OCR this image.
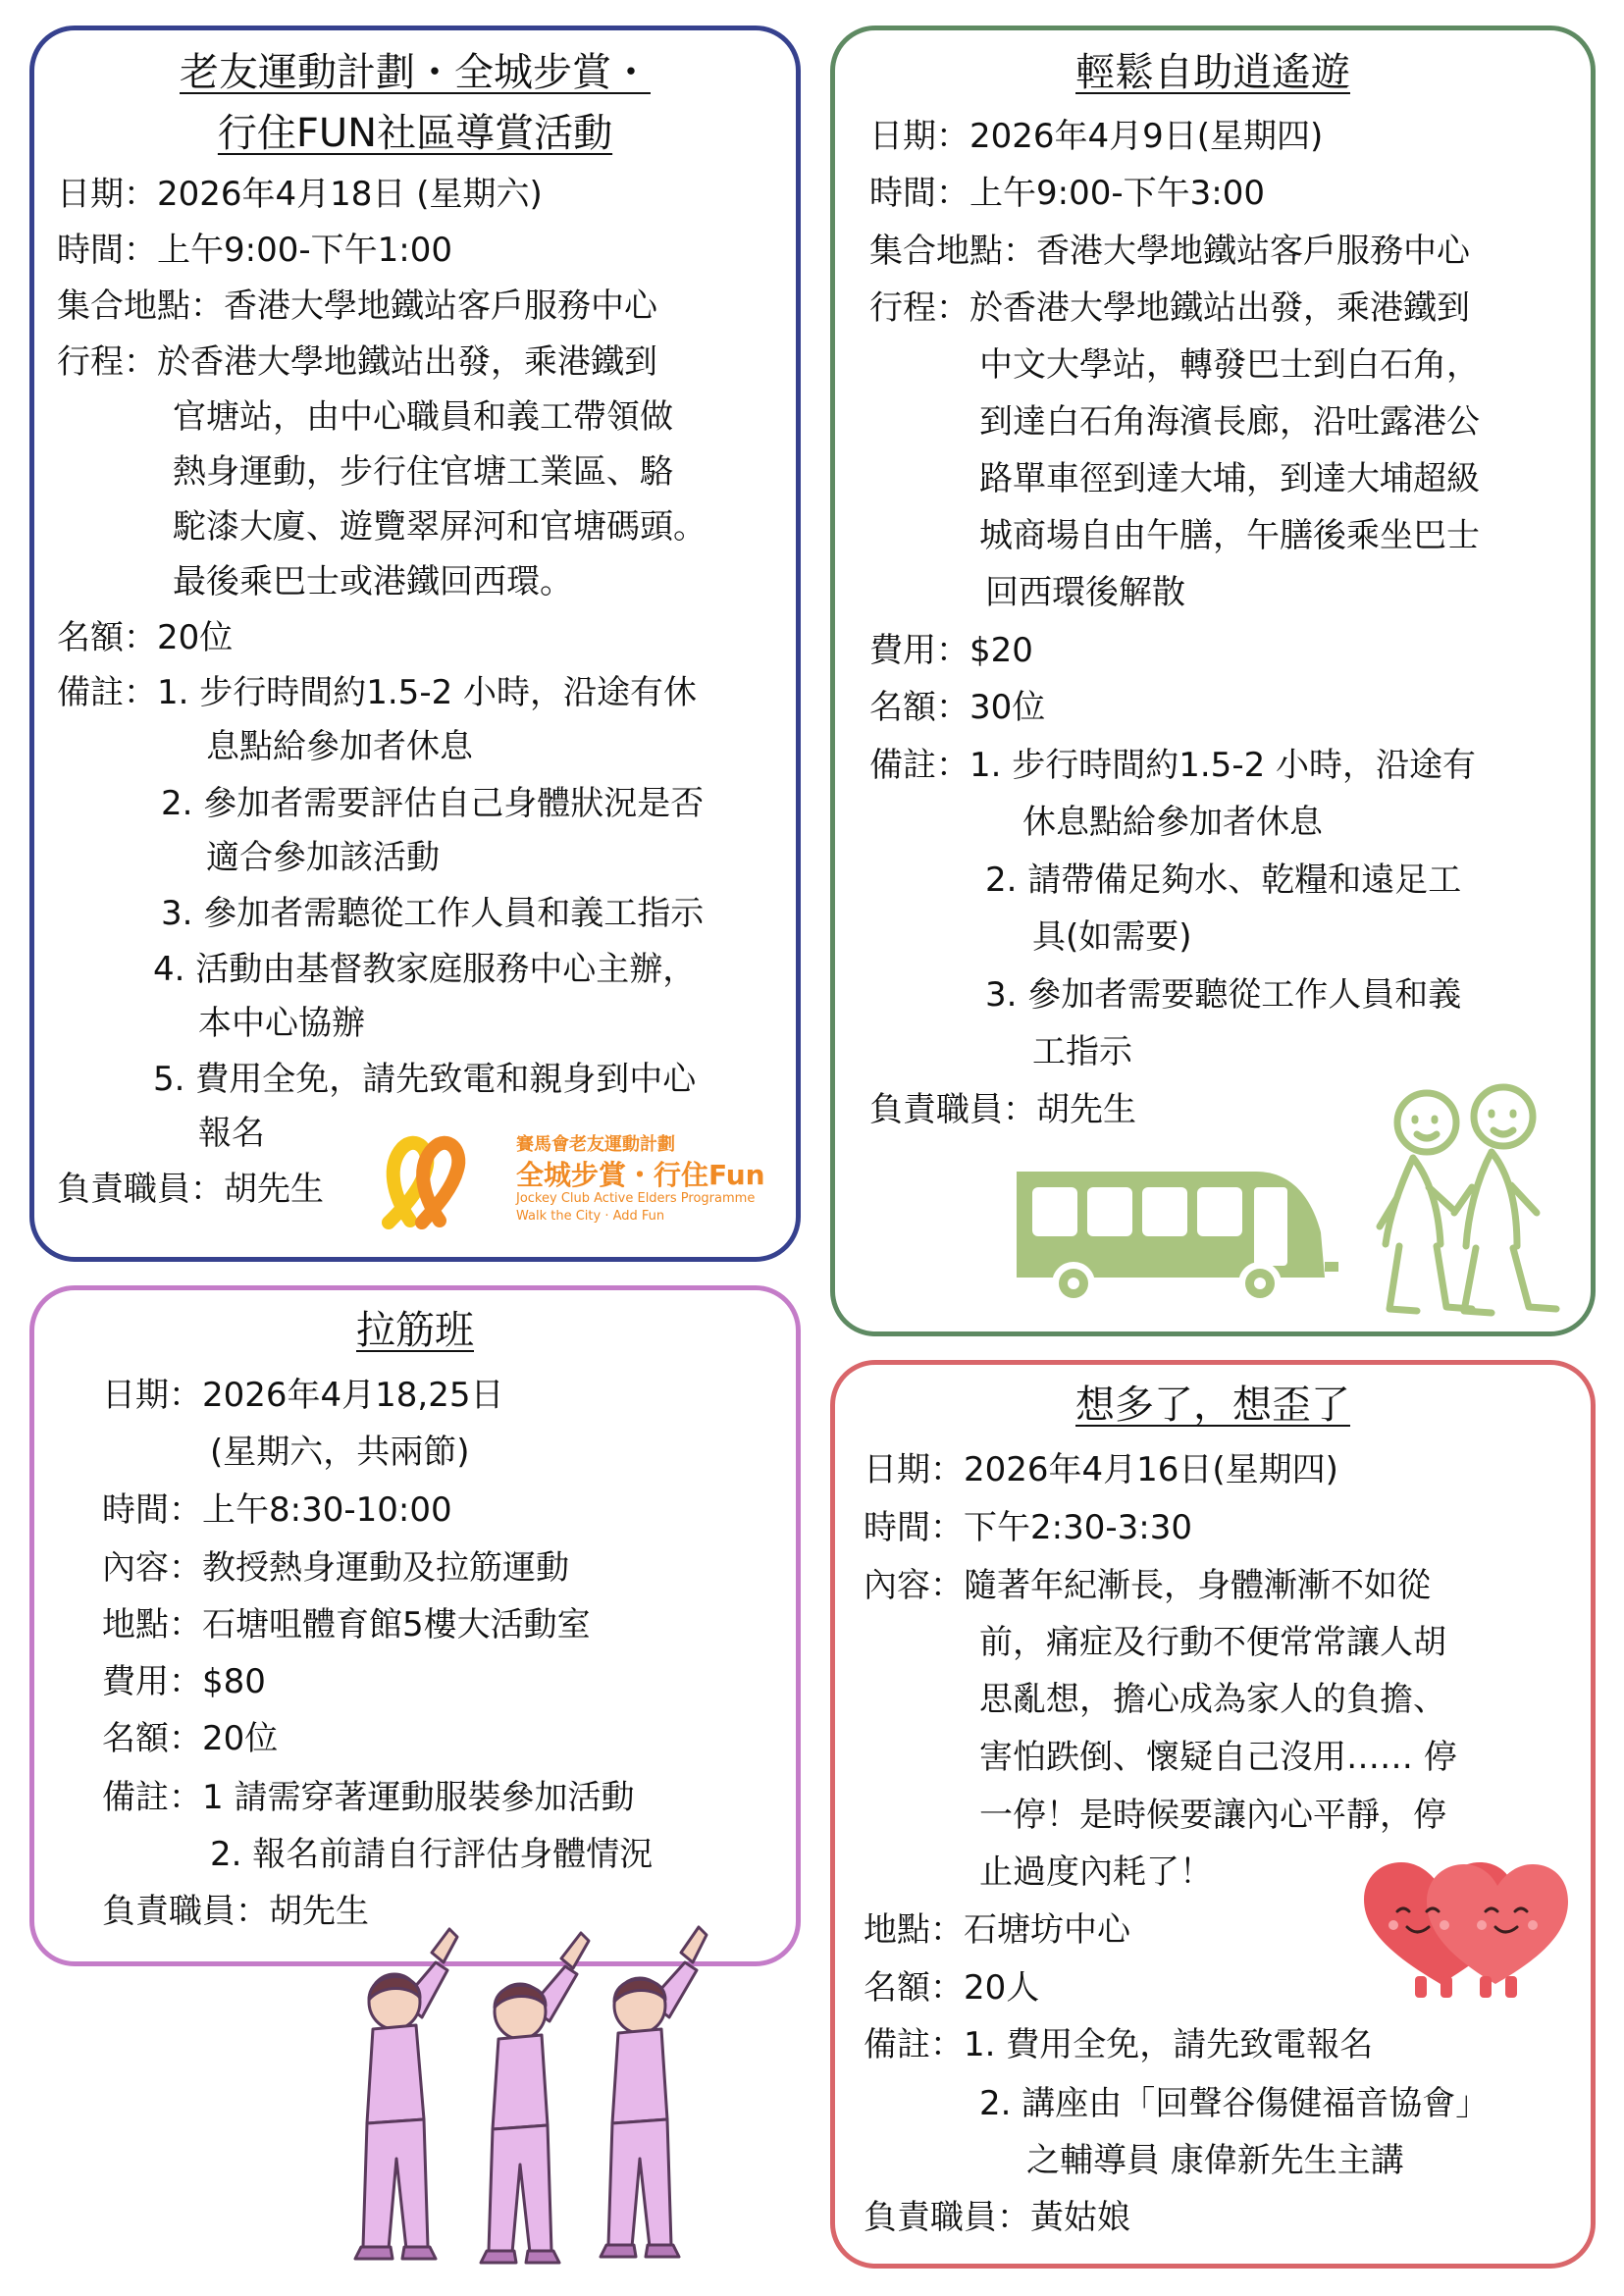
老友運動計劃・全城步賞・
行住FUN社區導賞活動
日期：2026年4月18日 (星期六)
時間：上午9:00-下午1:00
集合地點：香港大學地鐵站客戶服務中心
行程：於香港大學地鐵站出發，乘港鐵到
官塘站，由中心職員和義工帶領做
熱身運動，步行住官塘工業區、駱
駝漆大廈、遊覽翠屏河和官塘碼頭。
最後乘巴士或港鐵回西環。
名額：20位
備註：1. 步行時間約1.5-2 小時，沿途有休
息點給參加者休息
2. 參加者需要評估自己身體狀況是否
適合參加該活動
3. 參加者需聽從工作人員和義工指示
4. 活動由基督教家庭服務中心主辦，
本中心協辦
5. 費用全免，請先致電和親身到中心
報名
負責職員：胡先生
賽馬會老友運動計劃
全城步賞・行住Fun
Jockey Club Active Elders Programme
Walk the City · Add Fun
輕鬆自助逍遙遊
日期：2026年4月9日(星期四)
時間：上午9:00-下午3:00
集合地點：香港大學地鐵站客戶服務中心
行程：於香港大學地鐵站出發，乘港鐵到
中文大學站，轉發巴士到白石角，
到達白石角海濱長廊，沿吐露港公
路單車徑到達大埔，到達大埔超級
城商場自由午膳，午膳後乘坐巴士
回西環後解散
費用：$20
名額：30位
備註：1. 步行時間約1.5-2 小時，沿途有
休息點給參加者休息
2. 請帶備足夠水、乾糧和遠足工
具(如需要)
3. 參加者需要聽從工作人員和義
工指示
負責職員：胡先生
拉筋班
日期：2026年4月18,25日
(星期六，共兩節)
時間：上午8:30-10:00
內容：教授熱身運動及拉筋運動
地點：石塘咀體育館5樓大活動室
費用：$80
名額：20位
備註：1 請需穿著運動服裝參加活動
2. 報名前請自行評估身體情況
負責職員：胡先生
想多了，想歪了
日期：2026年4月16日(星期四)
時間：下午2:30-3:30
內容：隨著年紀漸長，身體漸漸不如從
前，痛症及行動不便常常讓人胡
思亂想，擔心成為家人的負擔、
害怕跌倒、懷疑自己沒用…… 停
一停！是時候要讓內心平靜，停
止過度內耗了！
地點：石塘坊中心
名額：20人
備註：1. 費用全免，請先致電報名
2. 講座由「回聲谷傷健福音協會」
之輔導員 康偉新先生主講
負責職員：黃姑娘
